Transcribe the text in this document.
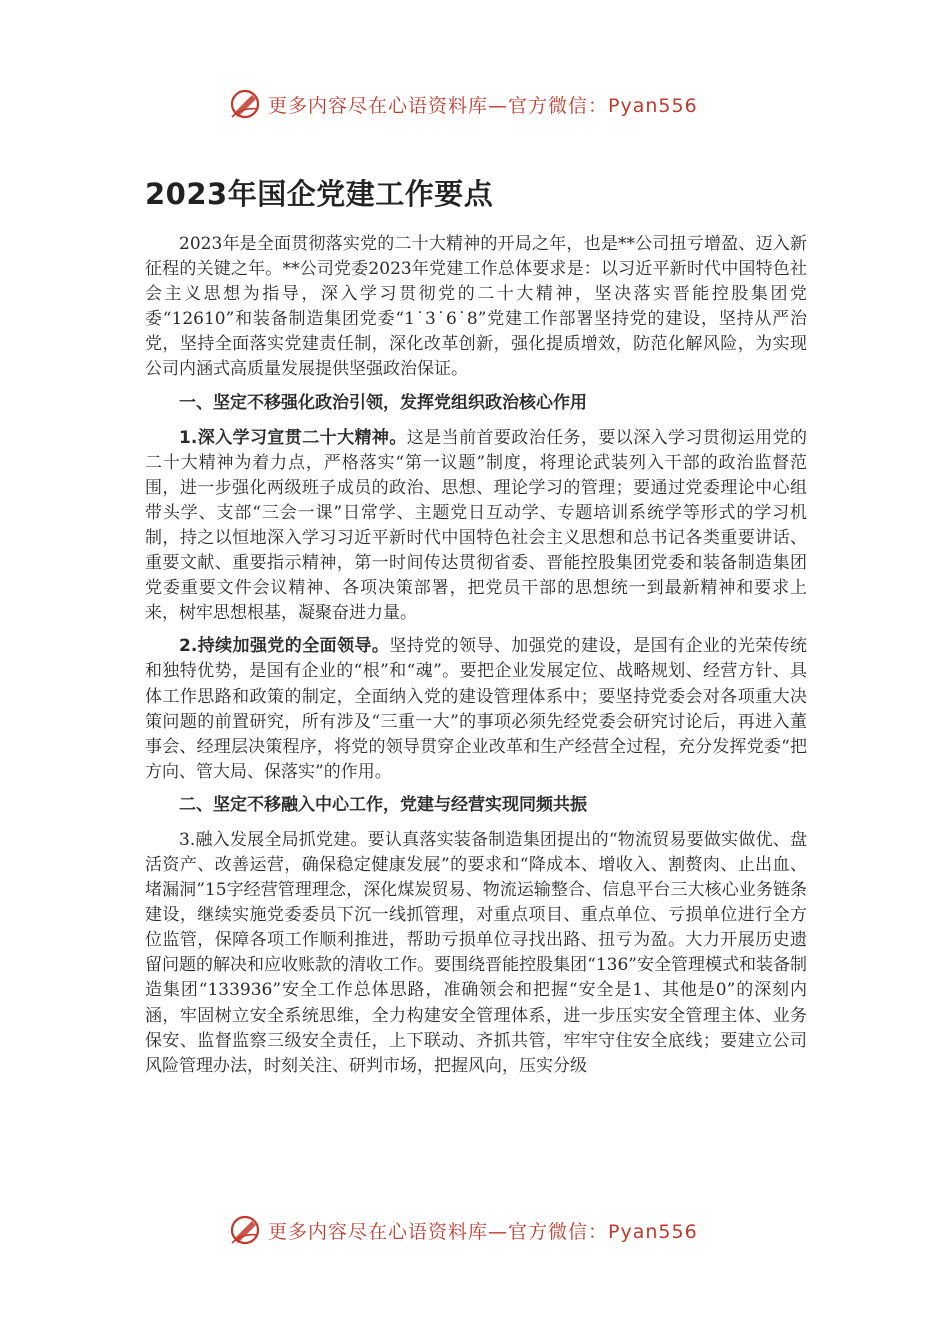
更多内容尽在心语资料库—官方微信：Pyan556
2023年国企党建工作要点

2023年是全面贯彻落实党的二十大精神的开局之年，也是**公司扭亏增盈、迈入新征程的关键之年。**公司党委2023年党建工作总体要求是：以习近平新时代中国特色社会主义思想为指导，深入学习贯彻党的二十大精神，坚决落实晋能控股集团党委“12610”和装备制造集团党委“1˙3˙6˙8”党建工作部署坚持党的建设，坚持从严治党，坚持全面落实党建责任制，深化改革创新，强化提质增效，防范化解风险，为实现公司内涵式高质量发展提供坚强政治保证。

一、坚定不移强化政治引领，发挥党组织政治核心作用

1.深入学习宣贯二十大精神。这是当前首要政治任务，要以深入学习贯彻运用党的二十大精神为着力点，严格落实“第一议题”制度，将理论武装列入干部的政治监督范围，进一步强化两级班子成员的政治、思想、理论学习的管理；要通过党委理论中心组带头学、支部“三会一课”日常学、主题党日互动学、专题培训系统学等形式的学习机制，持之以恒地深入学习习近平新时代中国特色社会主义思想和总书记各类重要讲话、重要文献、重要指示精神，第一时间传达贯彻省委、晋能控股集团党委和装备制造集团党委重要文件会议精神、各项决策部署，把党员干部的思想统一到最新精神和要求上来，树牢思想根基，凝聚奋进力量。

2.持续加强党的全面领导。坚持党的领导、加强党的建设，是国有企业的光荣传统和独特优势，是国有企业的“根”和“魂”。要把企业发展定位、战略规划、经营方针、具体工作思路和政策的制定，全面纳入党的建设管理体系中；要坚持党委会对各项重大决策问题的前置研究，所有涉及“三重一大”的事项必须先经党委会研究讨论后，再进入董事会、经理层决策程序，将党的领导贯穿企业改革和生产经营全过程，充分发挥党委“把方向、管大局、保落实”的作用。

二、坚定不移融入中心工作，党建与经营实现同频共振

3.融入发展全局抓党建。要认真落实装备制造集团提出的“物流贸易要做实做优、盘活资产、改善运营，确保稳定健康发展”的要求和“降成本、增收入、割赘肉、止出血、堵漏洞”15字经营管理理念，深化煤炭贸易、物流运输整合、信息平台三大核心业务链条建设，继续实施党委委员下沉一线抓管理，对重点项目、重点单位、亏损单位进行全方位监管，保障各项工作顺利推进，帮助亏损单位寻找出路、扭亏为盈。大力开展历史遗留问题的解决和应收账款的清收工作。要围绕晋能控股集团“136”安全管理模式和装备制造集团“133936”安全工作总体思路，准确领会和把握“安全是1、其他是0”的深刻内涵，牢固树立安全系统思维，全力构建安全管理体系，进一步压实安全管理主体、业务保安、监督监察三级安全责任，上下联动、齐抓共管，牢牢守住安全底线；要建立公司风险管理办法，时刻关注、研判市场，把握风向，压实分级

更多内容尽在心语资料库—官方微信：Pyan556
